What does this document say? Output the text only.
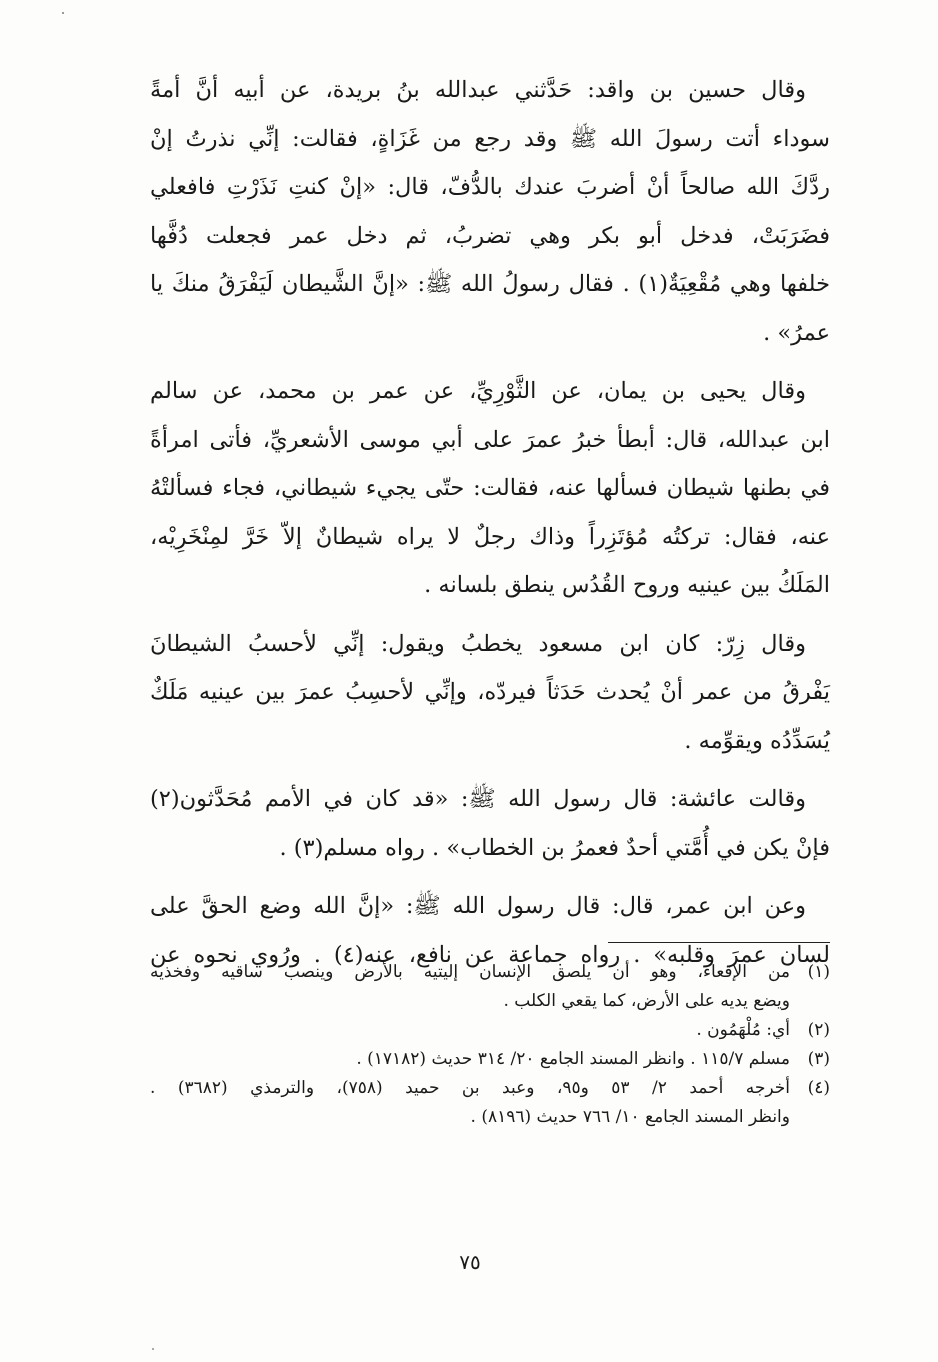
وقال حسين بن واقد: حَدَّثني عبدالله بنُ بريدة، عن أبيه أنَّ أمةً
سوداء أتت رسولَ الله ﷺ وقد رجع من غَزَاةٍ، فقالت: إنِّي نذرتُ إنْ
ردَّكَ الله صالحاً أنْ أضربَ عندك بالدُّفّ، قال: «إنْ كنتِ نَذَرْتِ فافعلي
فضَرَبَتْ، فدخل أبو بكر وهي تضربُ، ثم دخل عمر فجعلت دُفَّها
خلفها وهي مُقْعِيَةٌ(١) . فقال رسولُ الله ﷺ: «إنَّ الشَّيطان لَيَفْرَقُ منكَ يا
عمرُ» .
وقال يحيى بن يمان، عن الثَّوْرِيِّ، عن عمر بن محمد، عن سالم
ابن عبدالله، قال: أبطأ خبرُ عمرَ على أبي موسى الأشعريِّ، فأتى امرأةً
في بطنها شيطان فسألها عنه، فقالت: حتّى يجيء شيطاني، فجاء فسألتْهُ
عنه، فقال: تركتُه مُؤتَزِراً وذاك رجلٌ لا يراه شيطانٌ إلاّ خَرَّ لمِنْخَرِيْه،
المَلَكُ بين عينيه وروح القُدُس ينطق بلسانه .
وقال زِرّ: كان ابن مسعود يخطبُ ويقول: إنِّي لأحسبُ الشيطانَ
يَفْرقُ من عمر أنْ يُحدث حَدَثاً فيردّه، وإنِّي لأحسِبُ عمرَ بين عينيه مَلَكٌ
يُسَدِّدُه ويقوِّمه .
وقالت عائشة: قال رسول الله ﷺ: «قد كان في الأمم مُحَدَّثون(٢)
فإنْ يكن في أُمَّتي أحدٌ فعمرُ بن الخطاب» . رواه مسلم(٣) .
وعن ابن عمر، قال: قال رسول الله ﷺ: «إنَّ الله وضع الحقَّ على
لسان عمرَ وقلبه» . رواه جماعة عن نافع، عنه(٤) . ورُوي نحوه عن
(١)
من الإقعاء، وهو أن يلصق الإنسان إليتيه بالأرض وينصب ساقيه وفخذيه
ويضع يديه على الأرض، كما يقعي الكلب .
(٢)
أي: مُلْهَمُون .
(٣)
مسلم ١١٥/٧ . وانظر المسند الجامع ٢٠/ ٣١٤ حديث (١٧١٨٢) .
(٤)
أخرجه أحمد ٢/ ٥٣ و٩٥، وعبد بن حميد (٧٥٨)، والترمذي (٣٦٨٢) .
وانظر المسند الجامع ١٠/ ٧٦٦ حديث (٨١٩٦) .
٧٥
